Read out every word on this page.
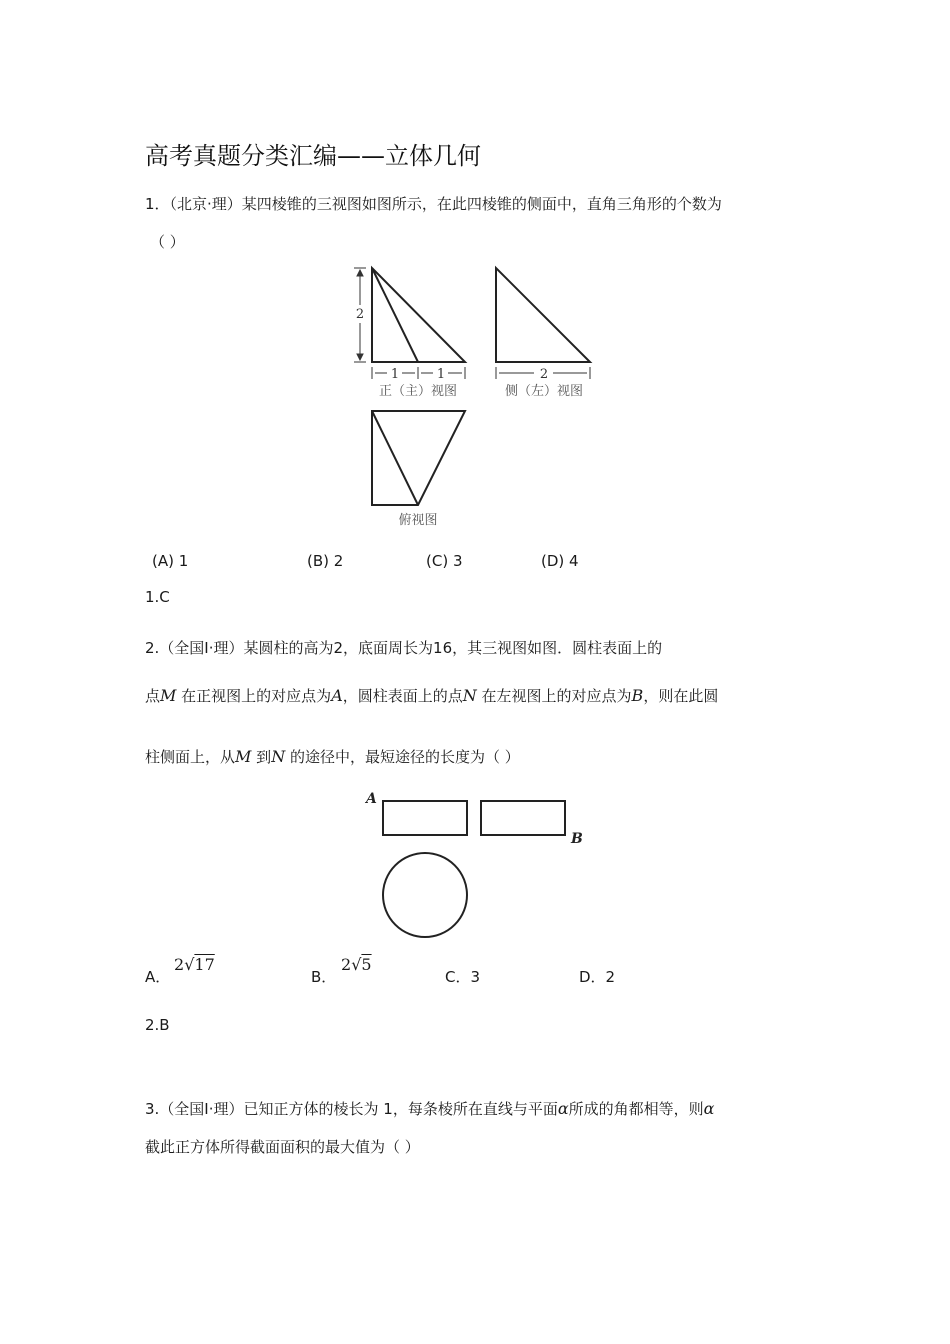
高考真题分类汇编——立体几何
1．（北京·理）某四棱锥的三视图如图所示，在此四棱锥的侧面中，直角三角形的个数为
（ ）
2
1	1	2
正（主）视图	侧（左）视图
俯视图
(A) 1	(B) 2	(C) 3	(D) 4
1.C
2.（全国Ⅰ·理）某圆柱的高为2，底面周长为16，其三视图如图．圆柱表面上的
点M 在正视图上的对应点为A，圆柱表面上的点N 在左视图上的对应点为B，则在此圆
柱侧面上，从M 到N 的途径中，最短途径的长度为（ ）
A
B
A．
2√17
B．
2√5
C．3	D．2
2.B
3.（全国Ⅰ·理）已知正方体的棱长为 1，每条棱所在直线与平面α所成的角都相等，则α
截此正方体所得截面面积的最大值为（ ）
